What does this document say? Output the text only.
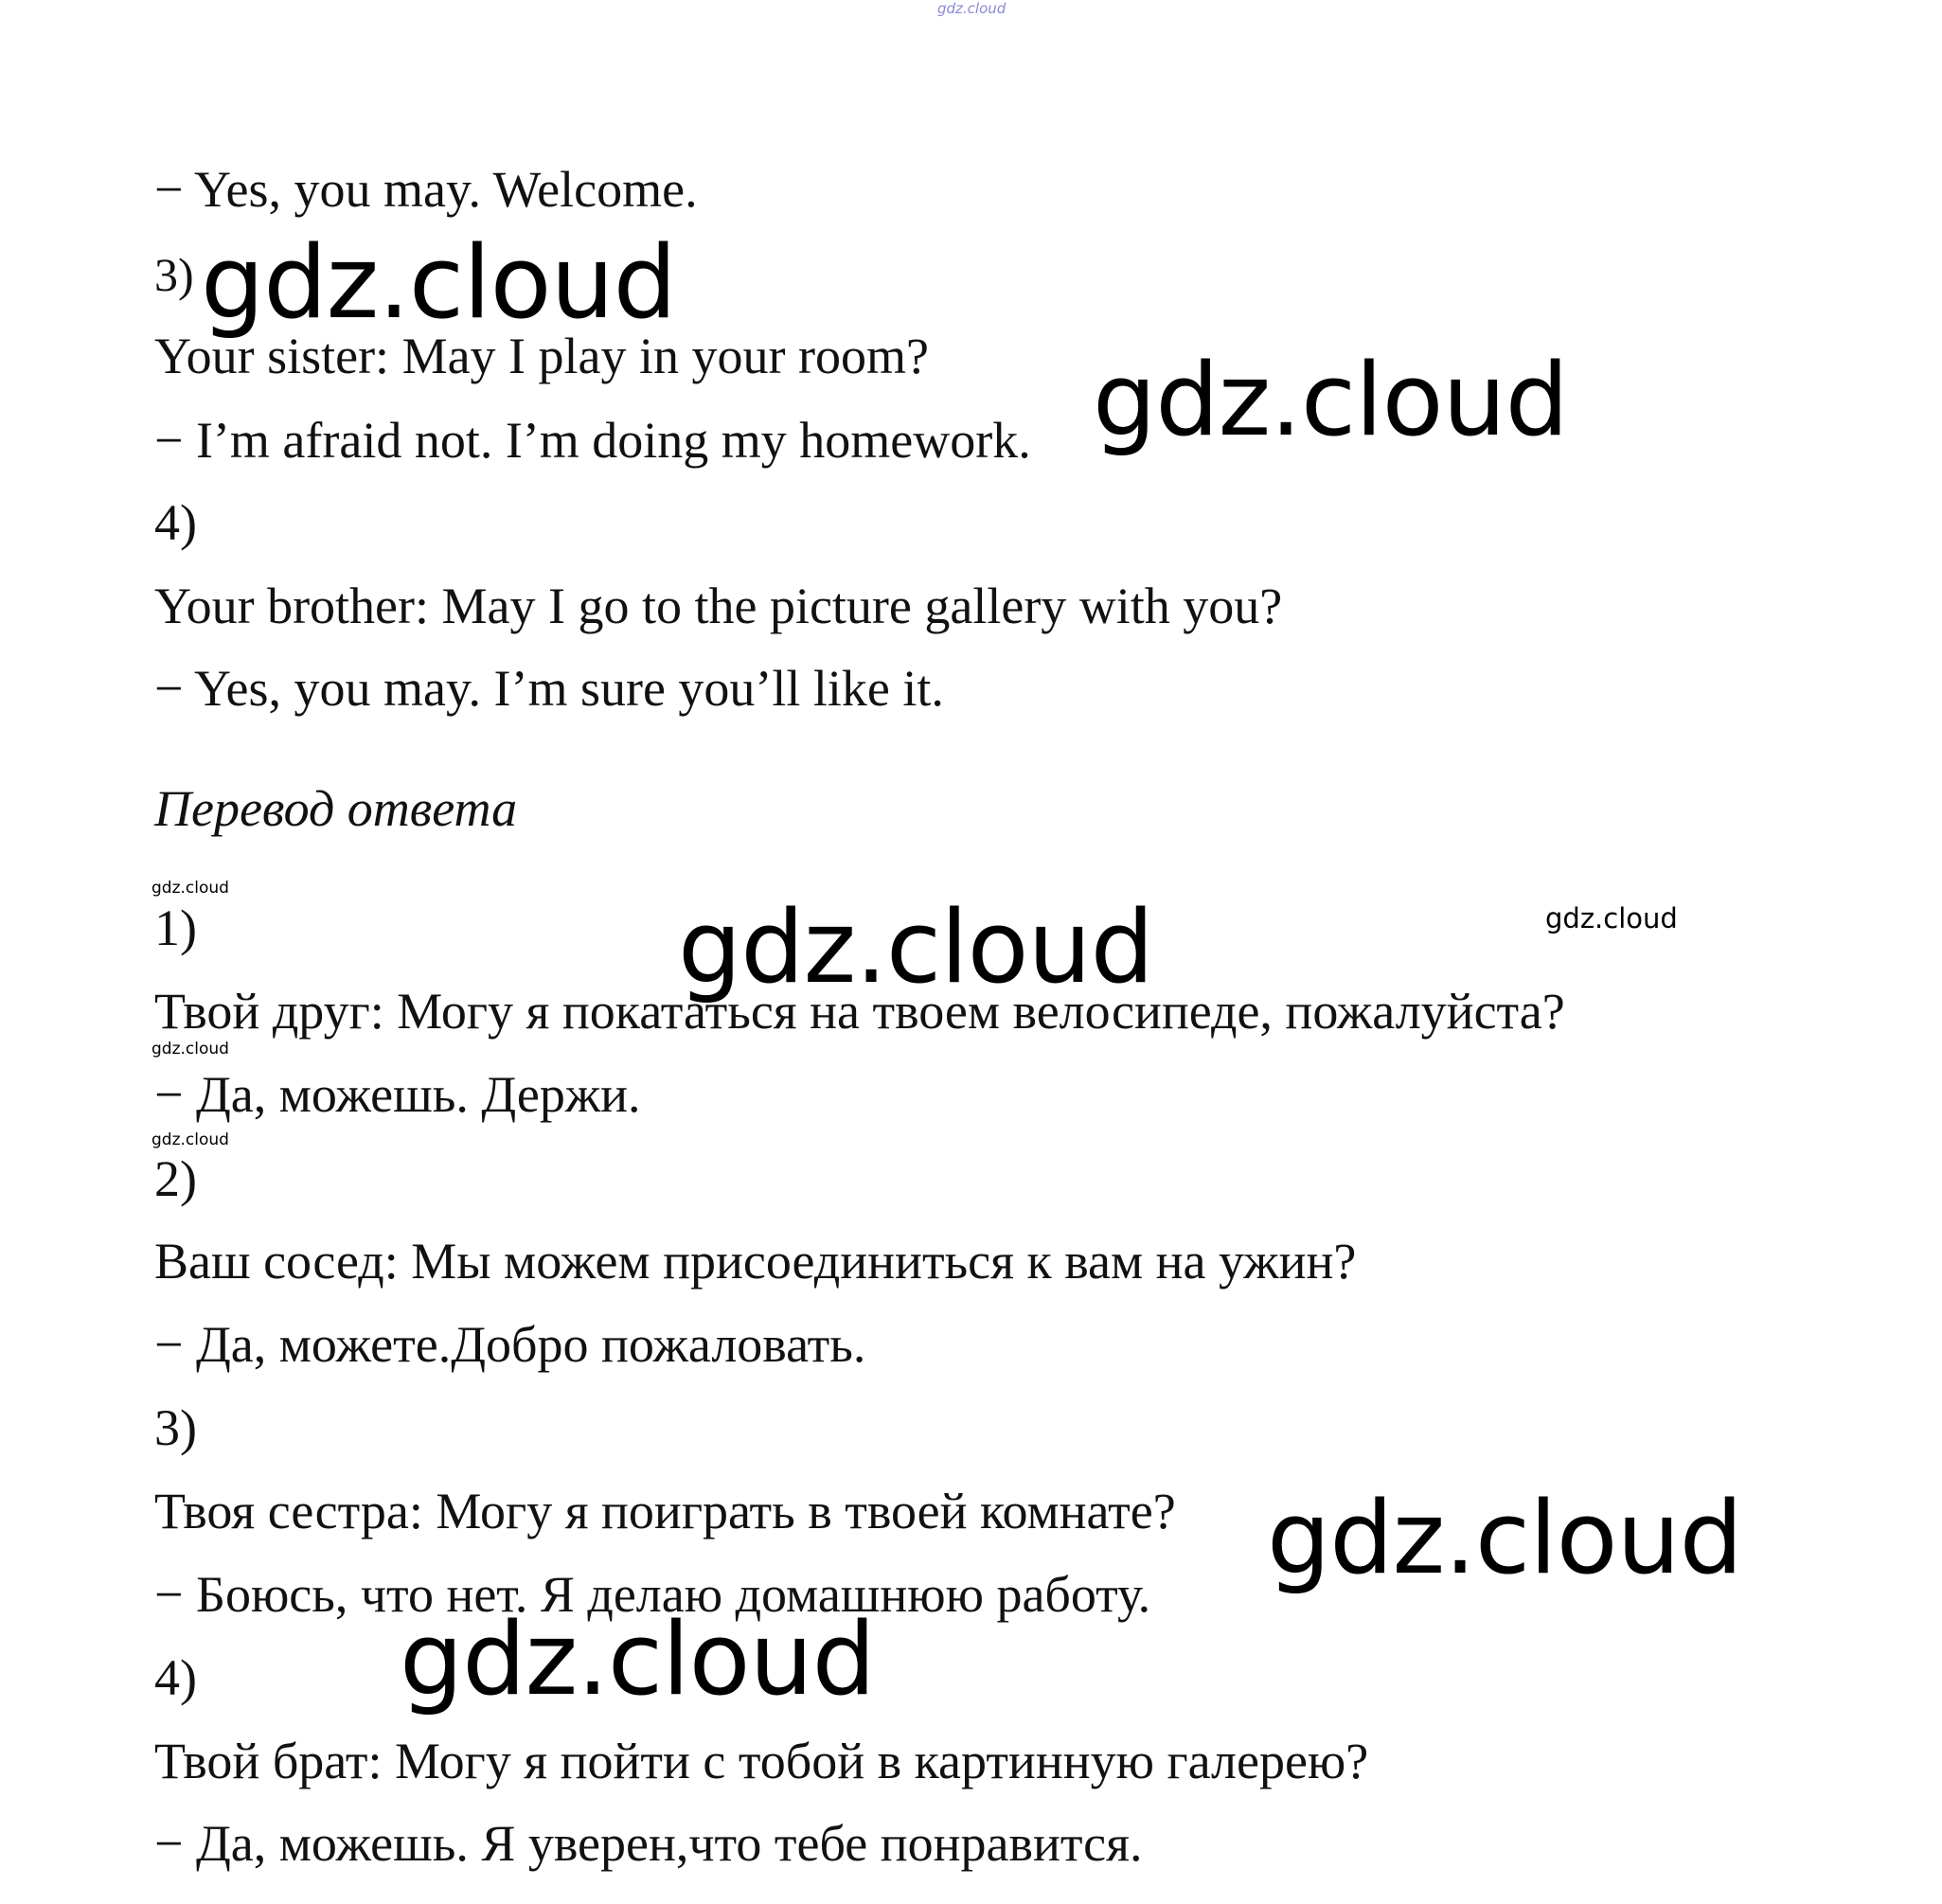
gdz.cloud
− Yes, you may. Welcome.
3)
Your sister: May I play in your room?
− I’m afraid not. I’m doing my homework.
4)
Your brother: May I go to the picture gallery with you?
− Yes, you may. I’m sure you’ll like it.
Перевод ответа
1)
Твой друг: Могу я покататься на твоем велосипеде, пожалуйста?
− Да, можешь. Держи.
2)
Ваш сосед: Мы можем присоединиться к вам на ужин?
− Да, можете.Добро пожаловать.
3)
Твоя сестра: Могу я поиграть в твоей комнате?
− Боюсь, что нет. Я делаю домашнюю работу.
4)
Твой брат: Могу я пойти с тобой в картинную галерею?
− Да, можешь. Я уверен,что тебе понравится.
gdz.cloud
gdz.cloud
gdz.cloud
gdz.cloud
gdz.cloud
gdz.cloud
gdz.cloud
gdz.cloud
gdz.cloud
